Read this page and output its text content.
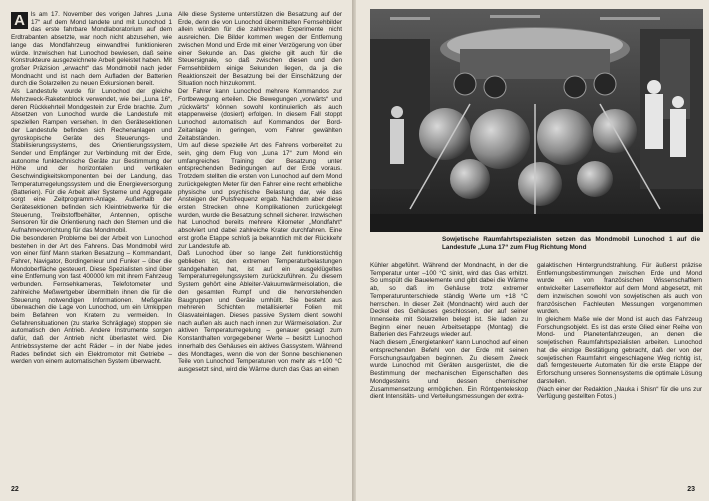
A ls am 17. November des vorigen Jahres „Luna 17“ auf dem Mond landete und mit Lunochod 1 das erste fahrbare Mondlaboratorium auf dem Erdtrabanten absetzte, war noch nicht abzusehen, wie lange das Mondfahrzeug einwandfrei funktionieren würde. Inzwischen hat Lunochod bewiesen, daß seine Konstrukteure ausgezeichnete Arbeit geleistet haben. Mit großer Präzision „erwacht“ das Mondmobil nach jeder Mondnacht und ist nach dem Aufladen der Batterien durch die Solarzellen zu neuen Exkursionen bereit.

Als Landestufe wurde für Lunochod der gleiche Mehrzweck-Raketenblock verwendet, wie bei „Luna 16“, deren Rückkehrteil Mondgestein zur Erde brachte. Zum Absetzen von Lunochod wurde die Landestufe mit speziellen Rampen versehen. In den Gerätesektionen der Landestufe befinden sich Rechenanlagen und gyroskopische Geräte des Steuerungs- und Stabilisierungssystems, des Orientierungssystem, Sender und Empfänger zur Verbindung mit der Erde, autonome funktechnische Geräte zur Bestimmung der Höhe und der horizontalen und vertikalen Geschwindigkeitskomponenten bei der Landung, das Temperaturregelungssystem und die Energieversorgung (Batterien). Für die Arbeit aller Systeme und Aggregate sorgt eine Zeitprogramm-Anlage. Außerhalb der Gerätesektionen befinden sich Kleintriebwerke für die Steuerung, Treibstoffbehälter, Antennen, optische Sensoren für die Orientierung nach den Sternen und die Aufnahmevorrichtung für das Mondmobil.

Die besonderen Probleme bei der Arbeit von Lunochod bestehen in der Art des Fahrens. Das Mondmobil wird von einer fünf Mann starken Besatzung – Kommandant, Fahrer, Navigator, Bordingenieur und Funker – über die Mondoberfläche gesteuert. Diese Spezialisten sind über eine Entfernung von fast 400000 km mit ihrem Fahrzeug verbunden. Fernsehkameras, Telefotometer und zahlreiche Meßwertgeber übermitteln ihnen die für die Steuerung notwendigen Informationen. Meßgeräte überwachen die Lage von Lunochod, um ein Umkippen beim Befahren von Kratern zu vermeiden. In Gefahrensituationen (zu starke Schräglage) stoppen sie automatisch den Antrieb. Andere Instrumente sorgen dafür, daß der Antrieb nicht überlastet wird. Die Antriebssysteme der acht Räder – in der Nabe jedes Rades befindet sich ein Elektromotor mit Getriebe – werden von einem automatischen System überwacht.

Alle diese Systeme unterstützen die Besatzung auf der Erde, denn die von Lunochod übermittelten Fernsehbilder allein würden für die zahlreichen Experimente nicht ausreichen. Die Bilder kommen wegen der Entfernung zwischen Mond und Erde mit einer Verzögerung von über einer Sekunde an. Das gleiche gilt auch für die Steuersignale, so daß zwischen diesen und den Fernsehbildern einige Sekunden liegen, da ja die Reaktionszeit der Besatzung bei der Einschätzung der Situation noch hinzukommt.

Der Fahrer kann Lunochod mehrere Kommandos zur Fortbewegung erteilen. Die Bewegungen „vorwärts“ und „rückwärts“ können sowohl kontinuierlich als auch etappenweise (dosiert) erfolgen. In diesem Fall stoppt Lunochod automatisch auf Kommandos der Bord-Zeitanlage in geringen, vom Fahrer gewählten Zeitabständen.

Um auf diese spezielle Art des Fahrens vorbereitet zu sein, ging dem Flug von „Luna 17“ zum Mond ein umfangreiches Training der Besatzung unter entsprechenden Bedingungen auf der Erde voraus. Trotzdem stellten die ersten von Lunochod auf dem Mond zurückgelegten Meter für den Fahrer eine recht erhebliche physische und psychische Belastung dar, wie das Ansteigen der Pulsfrequenz ergab. Nachdem aber diese ersten Strecken ohne Komplikationen zurückgelegt wurden, wurde die Besatzung schnell sicherer. Inzwischen hat Lunochod bereits mehrere Kilometer „Mondfahrt“ absolviert und dabei zahlreiche Krater durchfahren. Eine erst große Etappe schloß ja bekanntlich mit der Rückkehr zur Landestufe ab.

Daß Lunochod über so lange Zeit funktionstüchtig geblieben ist, den extremen Temperaturbelastungen standgehalten hat, ist auf ein ausgeklügeltes Temperaturregelungssystem zurückzuführen. Zu diesem System gehört eine Ableiter-Vakuumwärmeisolation, die den gesamten Rumpf und die hervorstehenden Baugruppen und Geräte umhüllt. Sie besteht aus mehreren Schichten metallisierter Folien mit Glasvateinlagen. Dieses passive System dient sowohl nach außen als auch nach innen zur Wärmeisolation. Zur aktiven Temperaturregelung – genauer gesagt zum Konstanthalten vorgegebener Werte – besitzt Lunochod innerhalb des Gehäuses ein aktives Gassystem. Während des Mondtages, wenn die von der Sonne beschienenen Teile von Lunochod Temperaturen von mehr als +100 °C ausgesetzt sind, wird die Wärme durch das Gas an einen

22
Sowjetische Raumfahrtspezialisten setzen das Mondmobil Lunochod 1 auf die Landestufe „Luna 17“ zum Flug Richtung Mond

Kühler abgeführt. Während der Mondnacht, in der die Temperatur unter –100 °C sinkt, wird das Gas erhitzt. So umspült die Bauelemente und gibt dabei die Wärme ab, so daß im Gehäuse trotz extremer Temperaturunterschiede ständig Werte um +18 °C herrschen. In dieser Zeit (Mondnacht) wird auch der Deckel des Gehäuses geschlossen, der auf seiner Innenseite mit Solarzellen belegt ist. Sie laden zu Beginn einer neuen Arbeitsetappe (Montag) die Batterien des Fahrzeugs wieder auf.

Nach diesem „Energietanken“ kann Lunochod auf einen entsprechenden Befehl von der Erde mit seinen Forschungsaufgaben beginnen. Zu diesem Zweck wurde Lunochod mit Geräten ausgerüstet, die die Bestimmung der mechanischen Eigenschaften des Mondgesteins und dessen chemischer Zusammensetzung ermöglichen. Ein Röntgenteleskop dient Intensitäts- und Verteilungsmessungen der extra-

galaktischen Hintergrundstrahlung. Für äußerst präzise Entfernungsbestimmungen zwischen Erde und Mond wurde ein von französischen Wissenschaftlern entwickelter Laserreflektor auf dem Mond abgesetzt, mit dem inzwischen sowohl von sowjetischen als auch von französischen Fachleuten Messungen vorgenommen wurden.

In gleichem Maße wie der Mond ist auch das Fahrzeug Forschungsobjekt. Es ist das erste Glied einer Reihe von Mond- und Planetenfahrzeugen, an denen die sowjetischen Raumfahrtspezialisten arbeiten. Lunochod hat die einzige Bestätigung gebracht, daß der von der sowjetischen Raumfahrt eingeschlagene Weg richtig ist, daß ferngesteuerte Automaten für die erste Etappe der Erforschung unseres Sonnensystems die optimale Lösung darstellen.

(Nach einer der Redaktion „Nauka i Shisn“ für die uns zur Verfügung gestellten Fotos.)

23
